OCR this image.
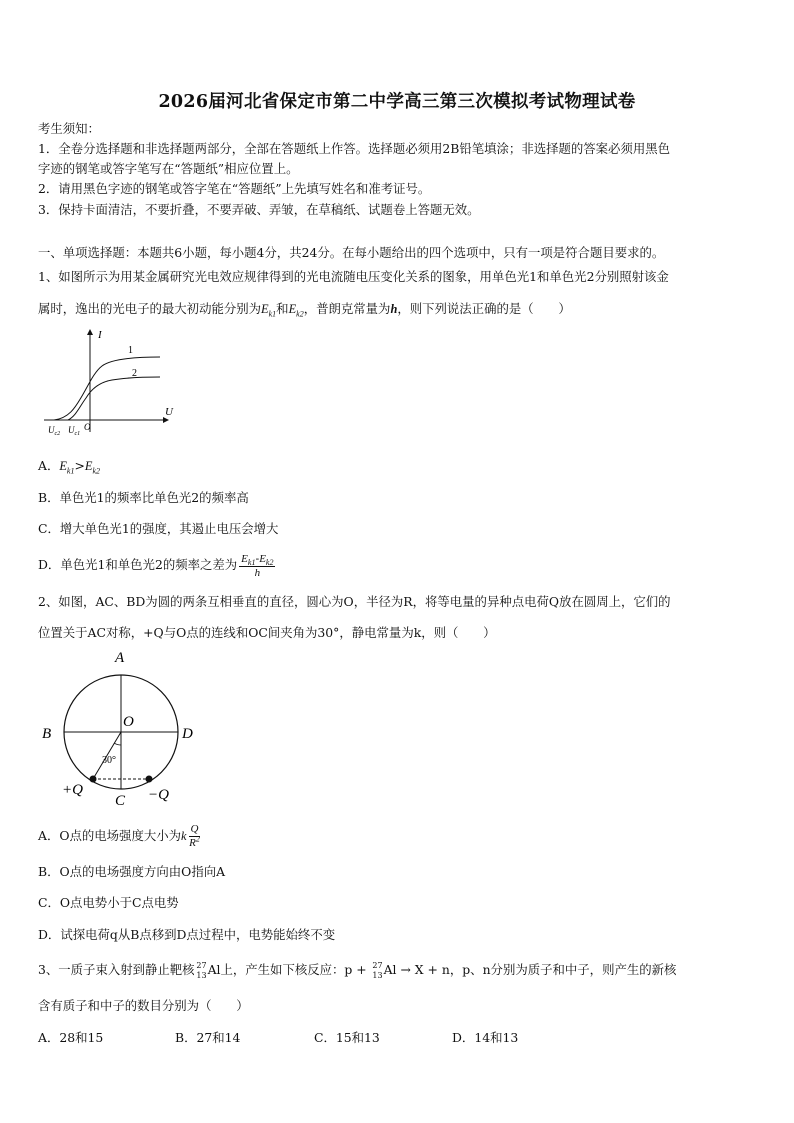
2026届河北省保定市第二中学高三第三次模拟考试物理试卷
考生须知：
1．全卷分选择题和非选择题两部分，全部在答题纸上作答。选择题必须用2B铅笔填涂；非选择题的答案必须用黑色
字迹的钢笔或答字笔写在“答题纸”相应位置上。
2．请用黑色字迹的钢笔或答字笔在“答题纸”上先填写姓名和准考证号。
3．保持卡面清洁，不要折叠，不要弄破、弄皱，在草稿纸、试题卷上答题无效。
一、单项选择题：本题共6小题，每小题4分，共24分。在每小题给出的四个选项中，只有一项是符合题目要求的。
1、如图所示为用某金属研究光电效应规律得到的光电流随电压变化关系的图象，用单色光1和单色光2分别照射该金
属时，逸出的光电子的最大初动能分别为$E_{k1}$和$E_{k2}$，普朗克常量为h，则下列说法正确的是（　　）
I
U
1
2
$U_{c2}$ $U_{c1}$
O
A．$E_{k1}>E_{k2}$
B．单色光1的频率比单色光2的频率高
C．增大单色光1的强度，其遏止电压会增大
D．单色光1和单色光2的频率之差为 $\frac{E_{k1}-E_{k2}}{h}$
2、如图，AC、BD为圆的两条互相垂直的直径，圆心为O，半径为R，将等电量的异种点电荷Q放在圆周上，它们的
位置关于AC对称，+Q与O点的连线和OC间夹角为30°，静电常量为k，则（　　）
A
B	D
O
C
30°
+Q	−Q
A．O点的电场强度大小为k $\frac{Q}{R^2}$
B．O点的电场强度方向由O指向A
C．O点电势小于C点电势
D．试探电荷q从B点移到D点过程中，电势能始终不变
3、一质子束入射到静止靶核 27
13 Al上，产生如下核反应：p + 27
13 Al → X + n，p、n分别为质子和中子，则产生的新核
含有质子和中子的数目分别为（　　）
A．28和15	B．27和14	C．15和13	D．14和13
